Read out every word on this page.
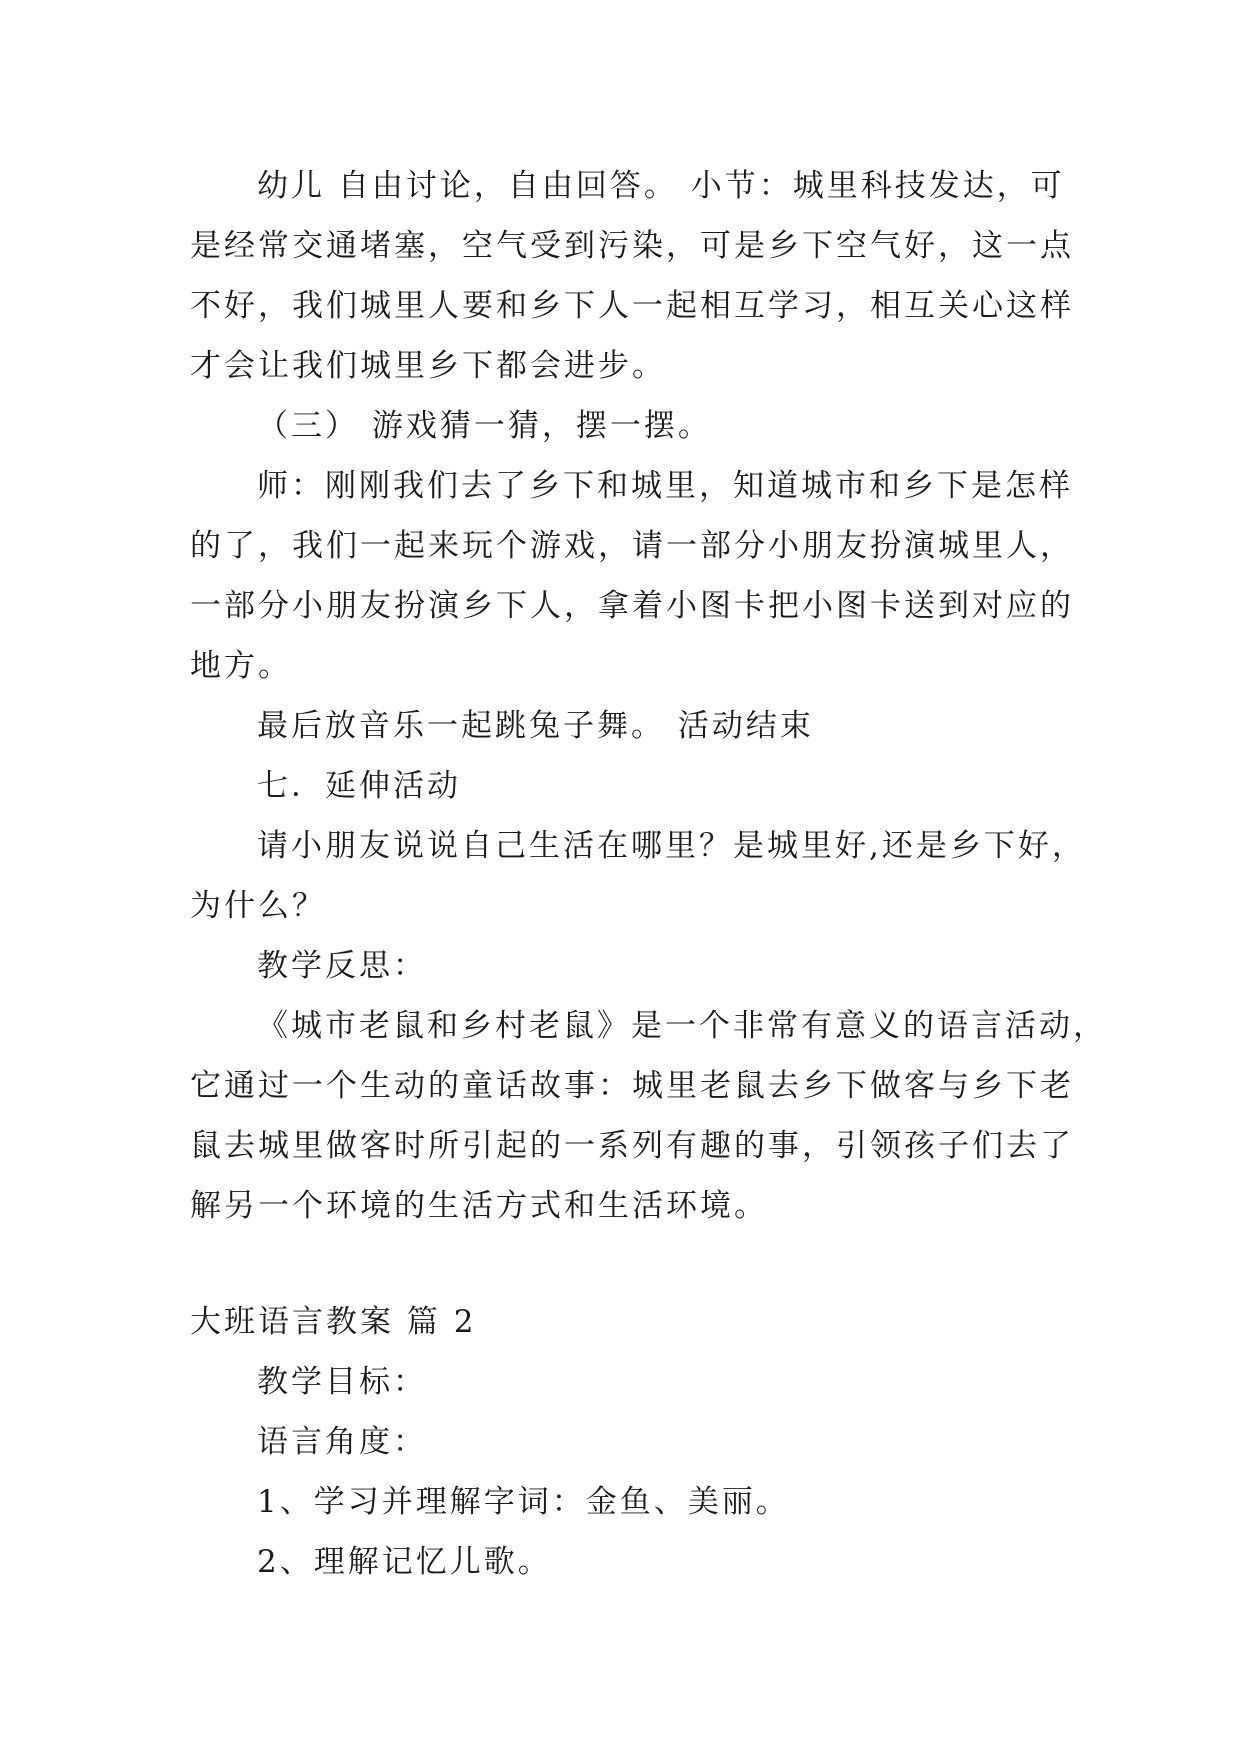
幼儿 自由讨论，自由回答。 小节：城里科技发达，可
是经常交通堵塞，空气受到污染，可是乡下空气好，这一点
不好，我们城里人要和乡下人一起相互学习，相互关心这样
才会让我们城里乡下都会进步。
（三） 游戏猜一猜，摆一摆。
师：刚刚我们去了乡下和城里，知道城市和乡下是怎样
的了，我们一起来玩个游戏，请一部分小朋友扮演城里人，
一部分小朋友扮演乡下人，拿着小图卡把小图卡送到对应的
地方。
最后放音乐一起跳兔子舞。 活动结束
七．延伸活动
请小朋友说说自己生活在哪里？是城里好,还是乡下好，
为什么？
教学反思：
《城市老鼠和乡村老鼠》是一个非常有意义的语言活动，
它通过一个生动的童话故事：城里老鼠去乡下做客与乡下老
鼠去城里做客时所引起的一系列有趣的事，引领孩子们去了
解另一个环境的生活方式和生活环境。
大班语言教案 篇 2
教学目标：
语言角度：
1、学习并理解字词：金鱼、美丽。
2、理解记忆儿歌。
